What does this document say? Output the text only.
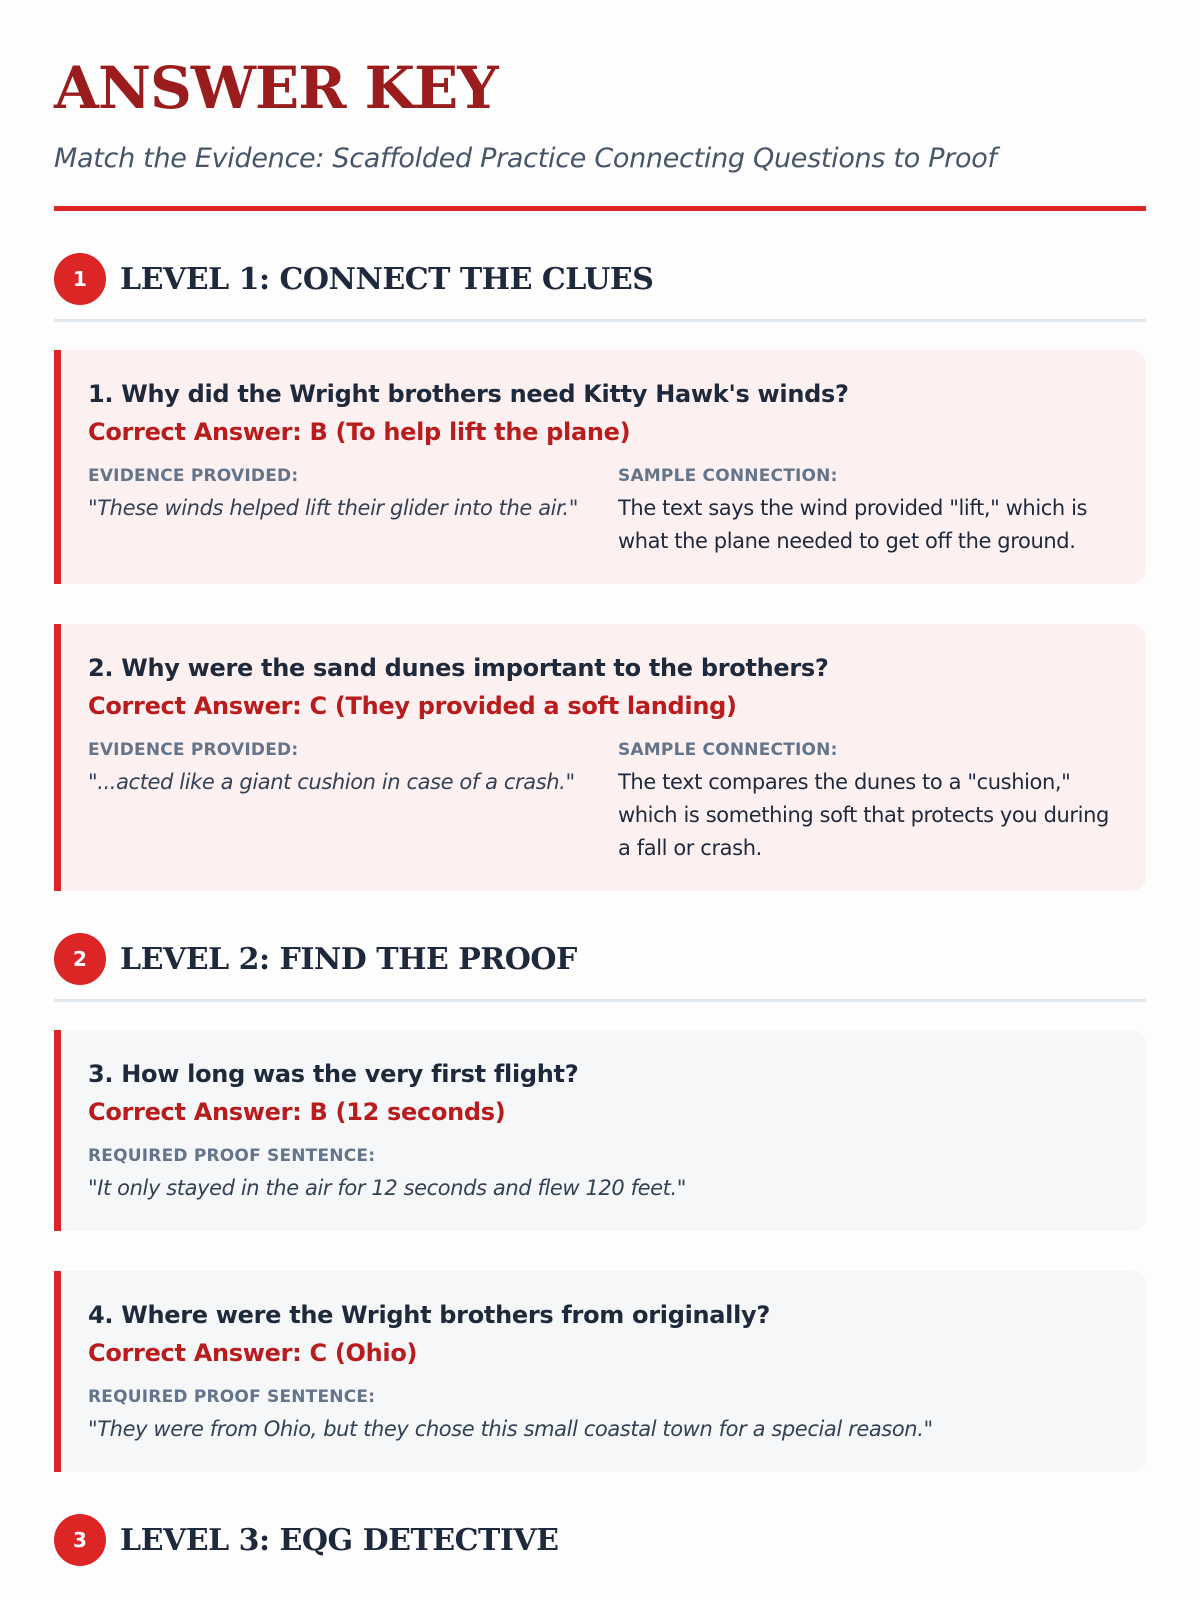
ANSWER KEY
Match the Evidence: Scaffolded Practice Connecting Questions to Proof
1	LEVEL 1: CONNECT THE CLUES
1. Why did the Wright brothers need Kitty Hawk's winds?
Correct Answer: B (To help lift the plane)
EVIDENCE PROVIDED:
"These winds helped lift their glider into the air."
SAMPLE CONNECTION:
The text says the wind provided "lift," which is what the plane needed to get off the ground.
2. Why were the sand dunes important to the brothers?
Correct Answer: C (They provided a soft landing)
EVIDENCE PROVIDED:
"...acted like a giant cushion in case of a crash."
SAMPLE CONNECTION:
The text compares the dunes to a "cushion," which is something soft that protects you during a fall or crash.
2	LEVEL 2: FIND THE PROOF
3. How long was the very first flight?
Correct Answer: B (12 seconds)
REQUIRED PROOF SENTENCE:
"It only stayed in the air for 12 seconds and flew 120 feet."
4. Where were the Wright brothers from originally?
Correct Answer: C (Ohio)
REQUIRED PROOF SENTENCE:
"They were from Ohio, but they chose this small coastal town for a special reason."
3	LEVEL 3: EQG DETECTIVE
